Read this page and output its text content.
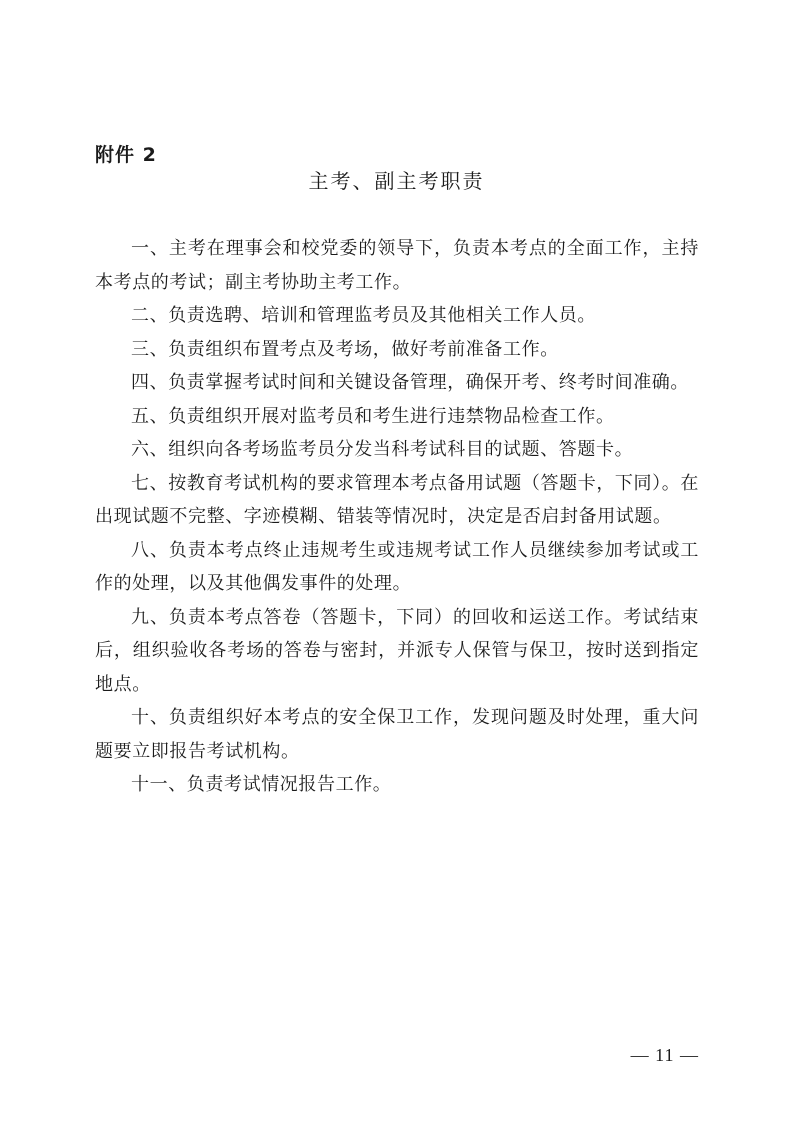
附件 2
主考、副主考职责

一、主考在理事会和校党委的领导下，负责本考点的全面工作，主持本考点的考试；副主考协助主考工作。

二、负责选聘、培训和管理监考员及其他相关工作人员。

三、负责组织布置考点及考场，做好考前准备工作。

四、负责掌握考试时间和关键设备管理，确保开考、终考时间准确。

五、负责组织开展对监考员和考生进行违禁物品检查工作。

六、组织向各考场监考员分发当科考试科目的试题、答题卡。

七、按教育考试机构的要求管理本考点备用试题（答题卡，下同）。在出现试题不完整、字迹模糊、错装等情况时，决定是否启封备用试题。

八、负责本考点终止违规考生或违规考试工作人员继续参加考试或工作的处理，以及其他偶发事件的处理。

九、负责本考点答卷（答题卡，下同）的回收和运送工作。考试结束后，组织验收各考场的答卷与密封，并派专人保管与保卫，按时送到指定地点。

十、负责组织好本考点的安全保卫工作，发现问题及时处理，重大问题要立即报告考试机构。

十一、负责考试情况报告工作。

— 11 —
